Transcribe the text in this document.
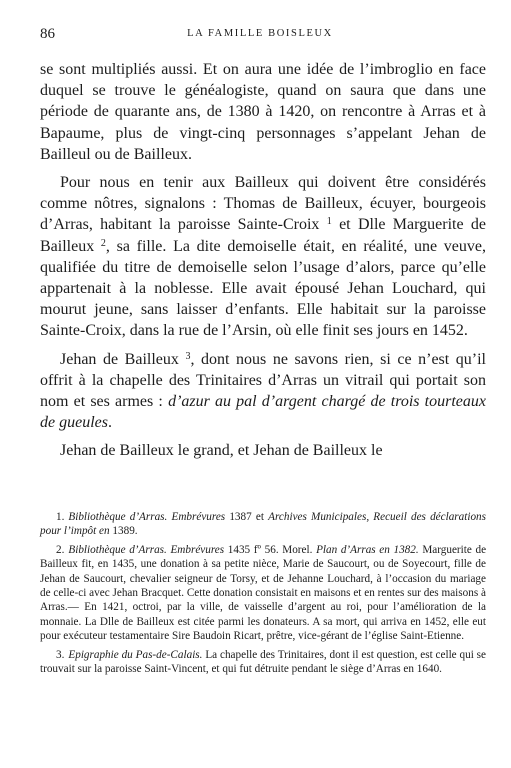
86	LA FAMILLE BOISLEUX

se sont multipliés aussi. Et on aura une idée de l’imbroglio en face duquel se trouve le généalogiste, quand on saura que dans une période de quarante ans, de 1380 à 1420, on rencontre à Arras et à Bapaume, plus de vingt-cinq personnages s’appelant Jehan de Bailleul ou de Bailleux.

Pour nous en tenir aux Bailleux qui doivent être considérés comme nôtres, signalons : Thomas de Bailleux, écuyer, bourgeois d’Arras, habitant la paroisse Sainte-Croix $^1$ et Dlle Marguerite de Bailleux $^2$, sa fille. La dite demoiselle était, en réalité, une veuve, qualifiée du titre de demoiselle selon l’usage d’alors, parce qu’elle appartenait à la noblesse. Elle avait épousé Jehan Louchard, qui mourut jeune, sans laisser d’enfants. Elle habitait sur la paroisse Sainte-Croix, dans la rue de l’Arsin, où elle finit ses jours en 1452.

Jehan de Bailleux $^3$, dont nous ne savons rien, si ce n’est qu’il offrit à la chapelle des Trinitaires d’Arras un vitrail qui portait son nom et ses armes : d’azur au pal d’argent chargé de trois tourteaux de gueules.

Jehan de Bailleux le grand, et Jehan de Bailleux le

1. Bibliothèque d’Arras. Embrévures 1387 et Archives Municipales, Recueil des déclarations pour l’impôt en 1389.

2. Bibliothèque d’Arras. Embrévures 1435 fº 56. Morel. Plan d’Arras en 1382. Marguerite de Bailleux fit, en 1435, une donation à sa petite nièce, Marie de Saucourt, ou de Soyecourt, fille de Jehan de Saucourt, chevalier seigneur de Torsy, et de Jehanne Louchard, à l’occasion du mariage de celle-ci avec Jehan Bracquet. Cette donation consistait en maisons et en rentes sur des maisons à Arras.— En 1421, octroi, par la ville, de vaisselle d’argent au roi, pour l’amélioration de la monnaie. La Dlle de Bailleux est citée parmi les donateurs. A sa mort, qui arriva en 1452, elle eut pour exécuteur testamentaire Sire Baudoin Ricart, prêtre, vice-gérant de l’église Saint-Etienne.

3. Epigraphie du Pas-de-Calais. La chapelle des Trinitaires, dont il est question, est celle qui se trouvait sur la paroisse Saint-Vincent, et qui fut détruite pendant le siège d’Arras en 1640.
